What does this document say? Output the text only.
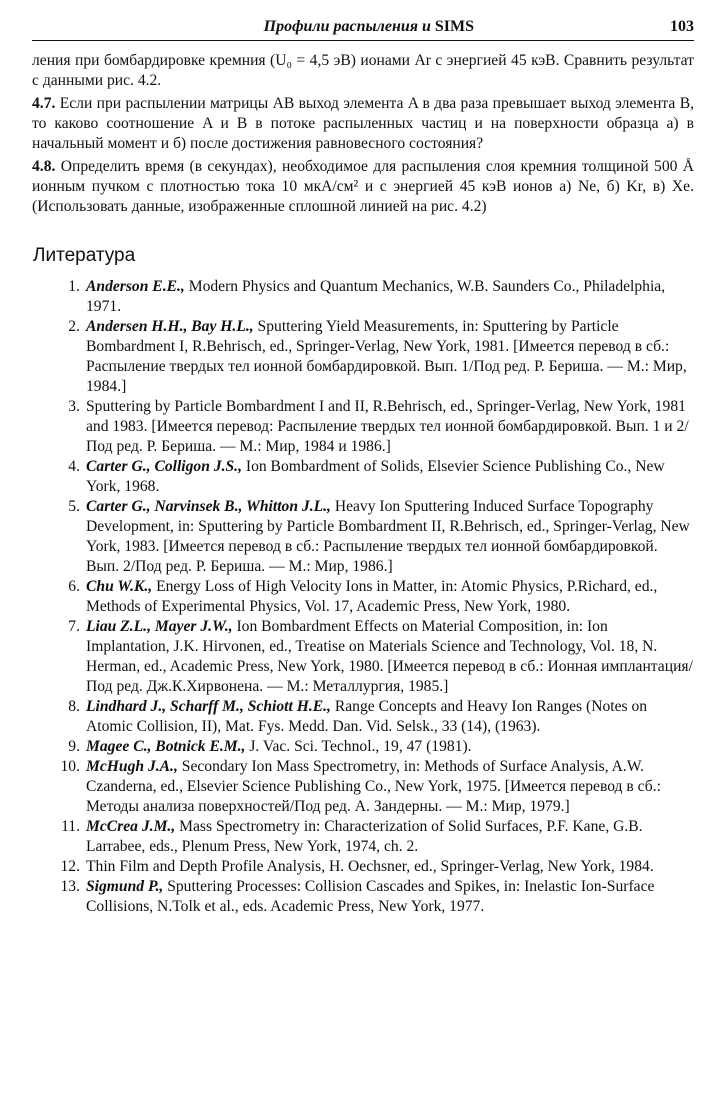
Профили распыления и SIMS	103

ления при бомбардировке кремния (U₀ = 4,5 эВ) ионами Ar с энергией 45 кэВ. Сравнить результат с данными рис. 4.2.

4.7. Если при распылении матрицы AB выход элемента A в два раза превышает выход элемента B, то каково соотношение A и B в потоке распыленных частиц и на поверхности образца а) в начальный момент и б) после достижения равновесного состояния?

4.8. Определить время (в секундах), необходимое для распыления слоя кремния толщиной 500 Å ионным пучком с плотностью тока 10 мкА/см² и с энергией 45 кэВ ионов а) Ne, б) Kr, в) Xe. (Использовать данные, изображенные сплошной линией на рис. 4.2)

Литература
1. Anderson E.E., Modern Physics and Quantum Mechanics, W.B. Saunders Co., Philadelphia, 1971.
2. Andersen H.H., Bay H.L., Sputtering Yield Measurements, in: Sputtering by Particle Bombardment I, R.Behrisch, ed., Springer-Verlag, New York, 1981. [Имеется перевод в сб.: Распыление твердых тел ионной бомбардировкой. Вып. 1/Под ред. Р. Бериша. — М.: Мир, 1984.]
3. Sputtering by Particle Bombardment I and II, R.Behrisch, ed., Springer-Verlag, New York, 1981 and 1983. [Имеется перевод: Распыление твердых тел ионной бомбардировкой. Вып. 1 и 2/Под ред. Р. Бериша. — М.: Мир, 1984 и 1986.]
4. Carter G., Colligon J.S., Ion Bombardment of Solids, Elsevier Science Publishing Co., New York, 1968.
5. Carter G., Narvinsek B., Whitton J.L., Heavy Ion Sputtering Induced Surface Topography Development, in: Sputtering by Particle Bombardment II, R.Behrisch, ed., Springer-Verlag, New York, 1983. [Имеется перевод в сб.: Распыление твердых тел ионной бомбардировкой. Вып. 2/Под ред. Р. Бериша. — М.: Мир, 1986.]
6. Chu W.K., Energy Loss of High Velocity Ions in Matter, in: Atomic Physics, P.Richard, ed., Methods of Experimental Physics, Vol. 17, Academic Press, New York, 1980.
7. Liau Z.L., Mayer J.W., Ion Bombardment Effects on Material Composition, in: Ion Implantation, J.K. Hirvonen, ed., Treatise on Materials Science and Technology, Vol. 18, N. Herman, ed., Academic Press, New York, 1980. [Имеется перевод в сб.: Ионная имплантация/Под ред. Дж.К.Хирвонена. — М.: Металлургия, 1985.]
8. Lindhard J., Scharff M., Schiott H.E., Range Concepts and Heavy Ion Ranges (Notes on Atomic Collision, II), Mat. Fys. Medd. Dan. Vid. Selsk., 33 (14), (1963).
9. Magee C., Botnick E.M., J. Vac. Sci. Technol., 19, 47 (1981).
10. McHugh J.A., Secondary Ion Mass Spectrometry, in: Methods of Surface Analysis, A.W. Czanderna, ed., Elsevier Science Publishing Co., New York, 1975. [Имеется перевод в сб.: Методы анализа поверхностей/Под ред. А. Зандерны. — М.: Мир, 1979.]
11. McCrea J.M., Mass Spectrometry in: Characterization of Solid Surfaces, P.F. Kane, G.B. Larrabee, eds., Plenum Press, New York, 1974, ch. 2.
12. Thin Film and Depth Profile Analysis, H. Oechsner, ed., Springer-Verlag, New York, 1984.
13. Sigmund P., Sputtering Processes: Collision Cascades and Spikes, in: Inelastic Ion-Surface Collisions, N.Tolk et al., eds. Academic Press, New York, 1977.
